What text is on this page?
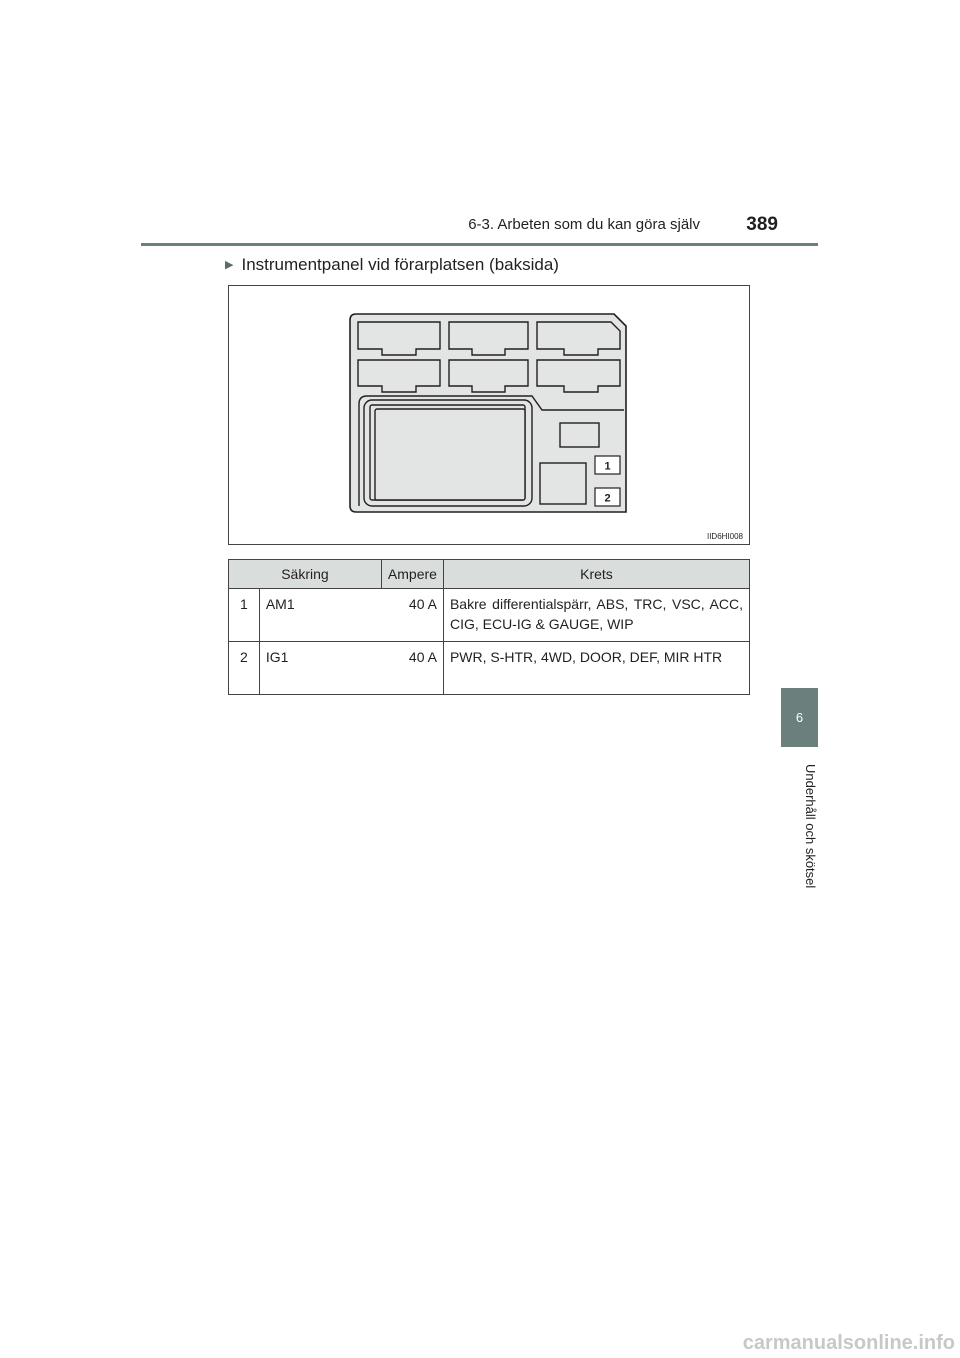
6-3. Arbeten som du kan göra själv	389
▶ Instrumentpanel vid förarplatsen (baksida)
1
2
IID6HI008
Säkring		Ampere	Krets
1	AM1 40 A		Bakre differentialspärr, ABS, TRC, VSC, ACC, CIG, ECU-IG & GAUGE, WIP
2	IG1 40 A		PWR, S-HTR, 4WD, DOOR, DEF, MIR HTR
6
Underhåll och skötsel
carmanualsonline.info
